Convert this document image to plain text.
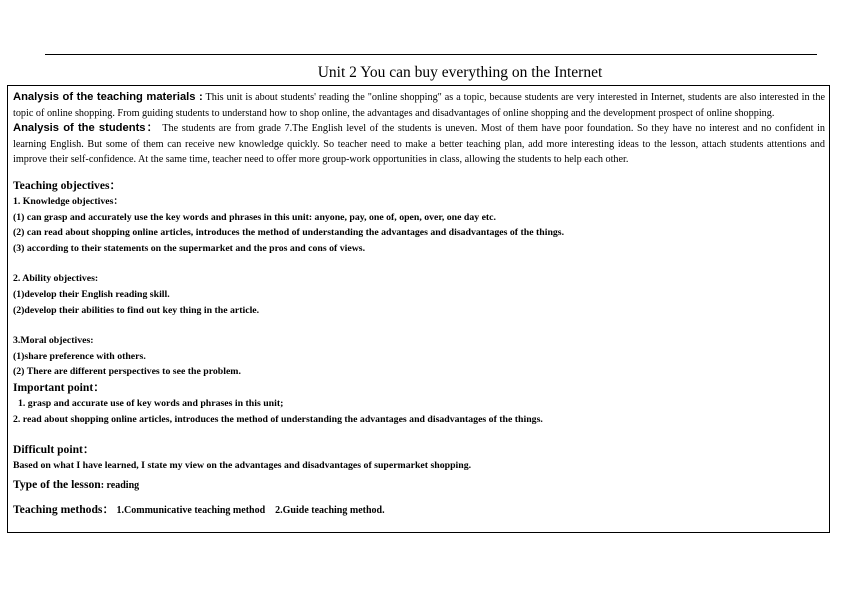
Unit 2 You can buy everything on the Internet

Analysis of the teaching materials : This unit is about students' reading the "online shopping" as a topic, because students are very interested in Internet, students are also interested in the topic of online shopping. From guiding students to understand how to shop online, the advantages and disadvantages of online shopping and the development prospect of online shopping.

Analysis of the students： The students are from grade 7.The English level of the students is uneven. Most of them have poor foundation. So they have no interest and no confident in learning English. But some of them can receive new knowledge quickly. So teacher need to make a better teaching plan, add more interesting ideas to the lesson, attach students attentions and improve their self-confidence. At the same time, teacher need to offer more group-work opportunities in class, allowing the students to help each other.

Teaching objectives：

1. Knowledge objectives：

(1) can grasp and accurately use the key words and phrases in this unit: anyone, pay, one of, open, over, one day etc.

(2) can read about shopping online articles, introduces the method of understanding the advantages and disadvantages of the things.

(3) according to their statements on the supermarket and the pros and cons of views.

2. Ability objectives:

(1)develop their English reading skill.

(2)develop their abilities to find out key thing in the article.

3.Moral objectives:

(1)share preference with others.

(2) There are different perspectives to see the problem.

Important point：

1. grasp and accurate use of key words and phrases in this unit;

2. read about shopping online articles, introduces the method of understanding the advantages and disadvantages of the things.

Difficult point：

Based on what I have learned, I state my view on the advantages and disadvantages of supermarket shopping.

Type of the lesson: reading

Teaching methods： 1.Communicative teaching method    2.Guide teaching method.
